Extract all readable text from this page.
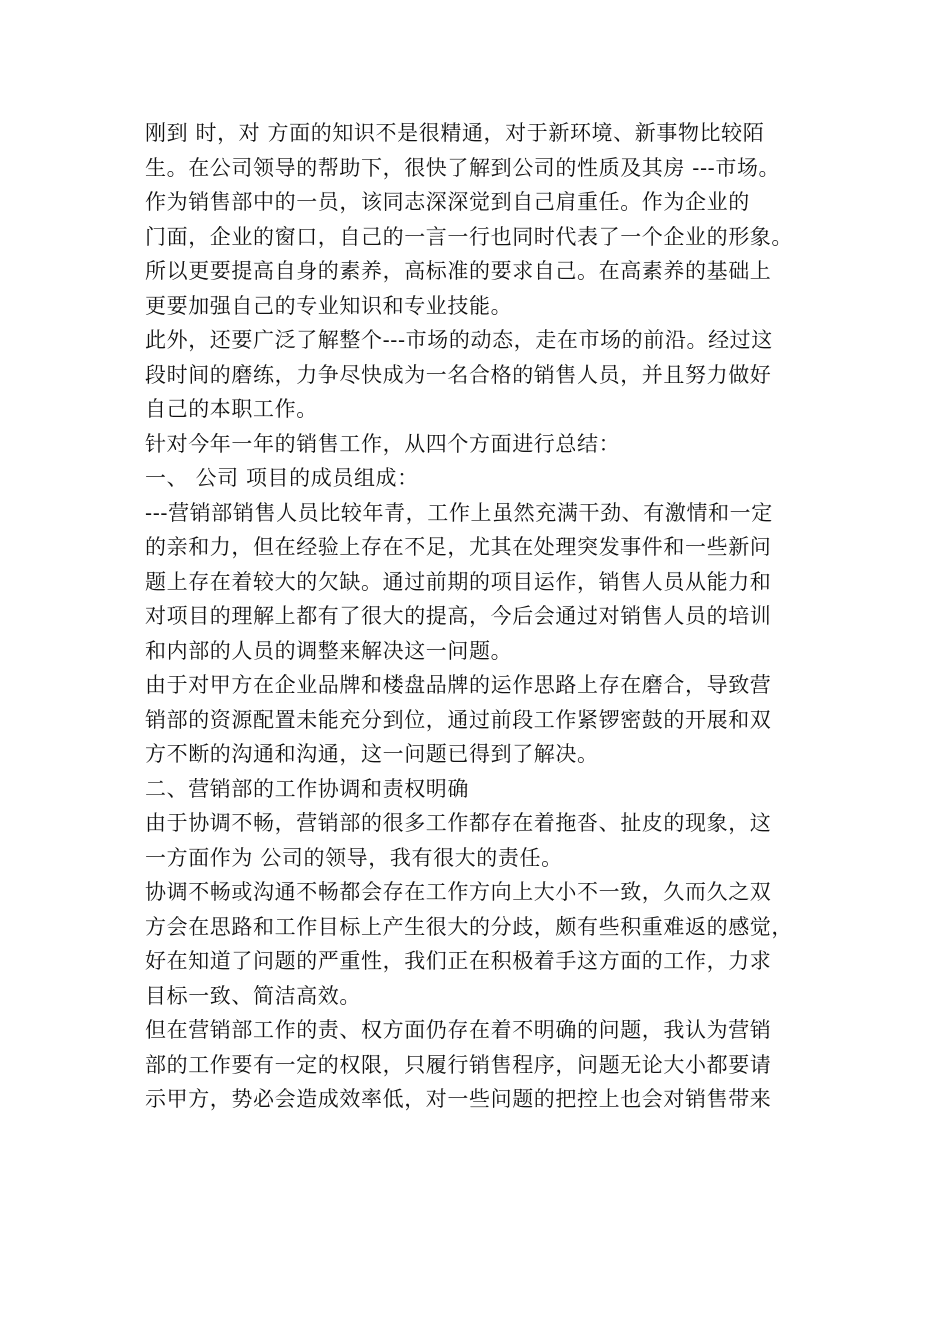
刚到 时，对 方面的知识不是很精通，对于新环境、新事物比较陌
生。在公司领导的帮助下，很快了解到公司的性质及其房 ---市场。
作为销售部中的一员，该同志深深觉到自己肩重任。作为企业的
门面，企业的窗口，自己的一言一行也同时代表了一个企业的形象。
所以更要提高自身的素养，高标准的要求自己。在高素养的基础上
更要加强自己的专业知识和专业技能。
此外，还要广泛了解整个---市场的动态，走在市场的前沿。经过这
段时间的磨练，力争尽快成为一名合格的销售人员，并且努力做好
自己的本职工作。
针对今年一年的销售工作，从四个方面进行总结：
一、 公司 项目的成员组成：
---营销部销售人员比较年青，工作上虽然充满干劲、有激情和一定
的亲和力，但在经验上存在不足，尤其在处理突发事件和一些新问
题上存在着较大的欠缺。通过前期的项目运作，销售人员从能力和
对项目的理解上都有了很大的提高，今后会通过对销售人员的培训
和内部的人员的调整来解决这一问题。
由于对甲方在企业品牌和楼盘品牌的运作思路上存在磨合，导致营
销部的资源配置未能充分到位，通过前段工作紧锣密鼓的开展和双
方不断的沟通和沟通，这一问题已得到了解决。
二、营销部的工作协调和责权明确
由于协调不畅，营销部的很多工作都存在着拖沓、扯皮的现象，这
一方面作为 公司的领导，我有很大的责任。
协调不畅或沟通不畅都会存在工作方向上大小不一致，久而久之双
方会在思路和工作目标上产生很大的分歧，颇有些积重难返的感觉，
好在知道了问题的严重性，我们正在积极着手这方面的工作，力求
目标一致、简洁高效。
但在营销部工作的责、权方面仍存在着不明确的问题，我认为营销
部的工作要有一定的权限，只履行销售程序，问题无论大小都要请
示甲方，势必会造成效率低，对一些问题的把控上也会对销售带来
